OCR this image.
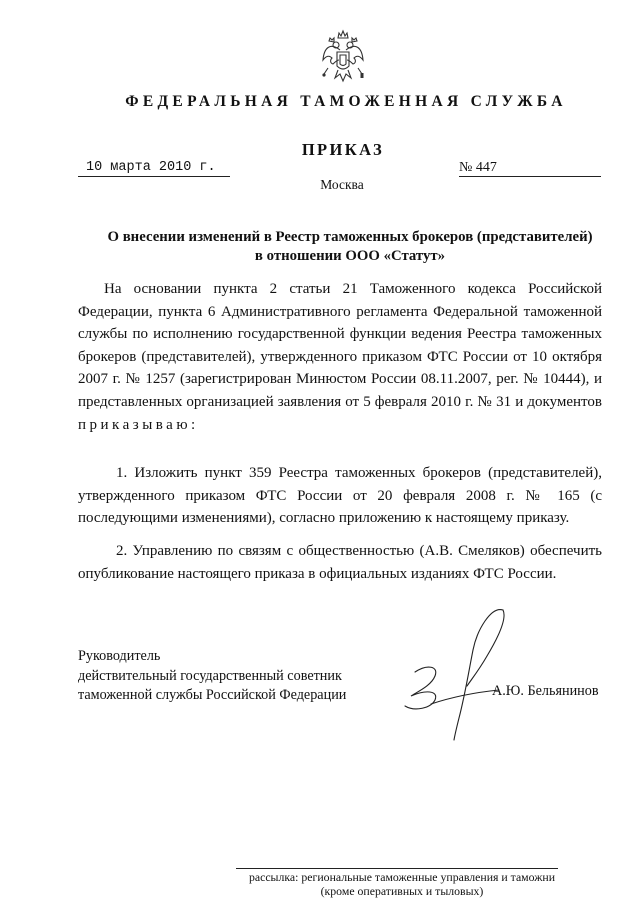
ФЕДЕРАЛЬНАЯ ТАМОЖЕННАЯ СЛУЖБА
ПРИКАЗ
10 марта 2010 г.	№ 447
Москва
О внесении изменений в Реестр таможенных брокеров (представителей)
в отношении ООО «Статут»

На основании пункта 2 статьи 21 Таможенного кодекса Российской Федерации, пункта 6 Административного регламента Федеральной таможенной службы по исполнению государственной функции ведения Реестра таможенных брокеров (представителей), утвержденного приказом ФТС России от 10 октября 2007 г. № 1257 (зарегистрирован Минюстом России 08.11.2007, рег. № 10444), и представленных организацией заявления от 5 февраля 2010 г. № 31 и документов приказываю:

1. Изложить пункт 359 Реестра таможенных брокеров (представителей), утвержденного приказом ФТС России от 20 февраля 2008 г. № 165 (с последующими изменениями), согласно приложению к настоящему приказу.

2. Управлению по связям с общественностью (А.В. Смеляков) обеспечить опубликование настоящего приказа в официальных изданиях ФТС России.

Руководитель
действительный государственный советник
таможенной службы Российской Федерации	А.Ю. Бельянинов
рассылка: региональные таможенные управления и таможни
(кроме оперативных и тыловых)
